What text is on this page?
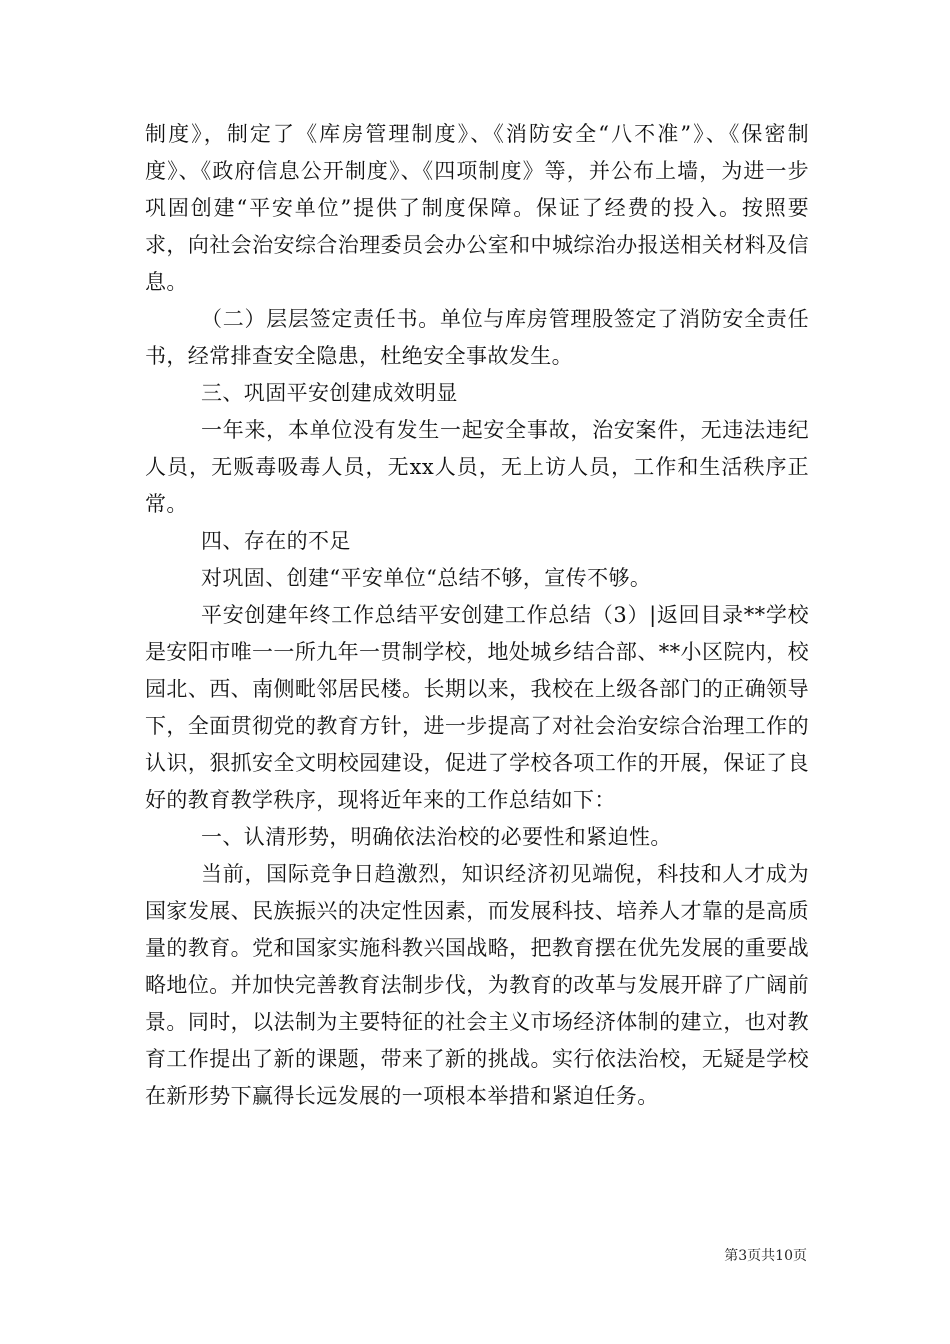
制度》，制定了《库房管理制度》、《消防安全“八不准”》、《保密制度》、《政府信息公开制度》、《四项制度》等，并公布上墙，为进一步巩固创建“平安单位”提供了制度保障。保证了经费的投入。按照要求，向社会治安综合治理委员会办公室和中城综治办报送相关材料及信息。

（二）层层签定责任书。单位与库房管理股签定了消防安全责任书，经常排查安全隐患，杜绝安全事故发生。

三、巩固平安创建成效明显

一年来，本单位没有发生一起安全事故，治安案件，无违法违纪人员，无贩毒吸毒人员，无xx人员，无上访人员，工作和生活秩序正常。

四、存在的不足

对巩固、创建“平安单位“总结不够，宣传不够。

平安创建年终工作总结平安创建工作总结（3）|返回目录**学校是安阳市唯一一所九年一贯制学校，地处城乡结合部、**小区院内，校园北、西、南侧毗邻居民楼。长期以来，我校在上级各部门的正确领导下，全面贯彻党的教育方针，进一步提高了对社会治安综合治理工作的认识，狠抓安全文明校园建设，促进了学校各项工作的开展，保证了良好的教育教学秩序，现将近年来的工作总结如下：

一、认清形势，明确依法治校的必要性和紧迫性。

当前，国际竞争日趋激烈，知识经济初见端倪，科技和人才成为国家发展、民族振兴的决定性因素，而发展科技、培养人才靠的是高质量的教育。党和国家实施科教兴国战略，把教育摆在优先发展的重要战略地位。并加快完善教育法制步伐，为教育的改革与发展开辟了广阔前景。同时，以法制为主要特征的社会主义市场经济体制的建立，也对教育工作提出了新的课题，带来了新的挑战。实行依法治校，无疑是学校在新形势下赢得长远发展的一项根本举措和紧迫任务。

第3页共10页
